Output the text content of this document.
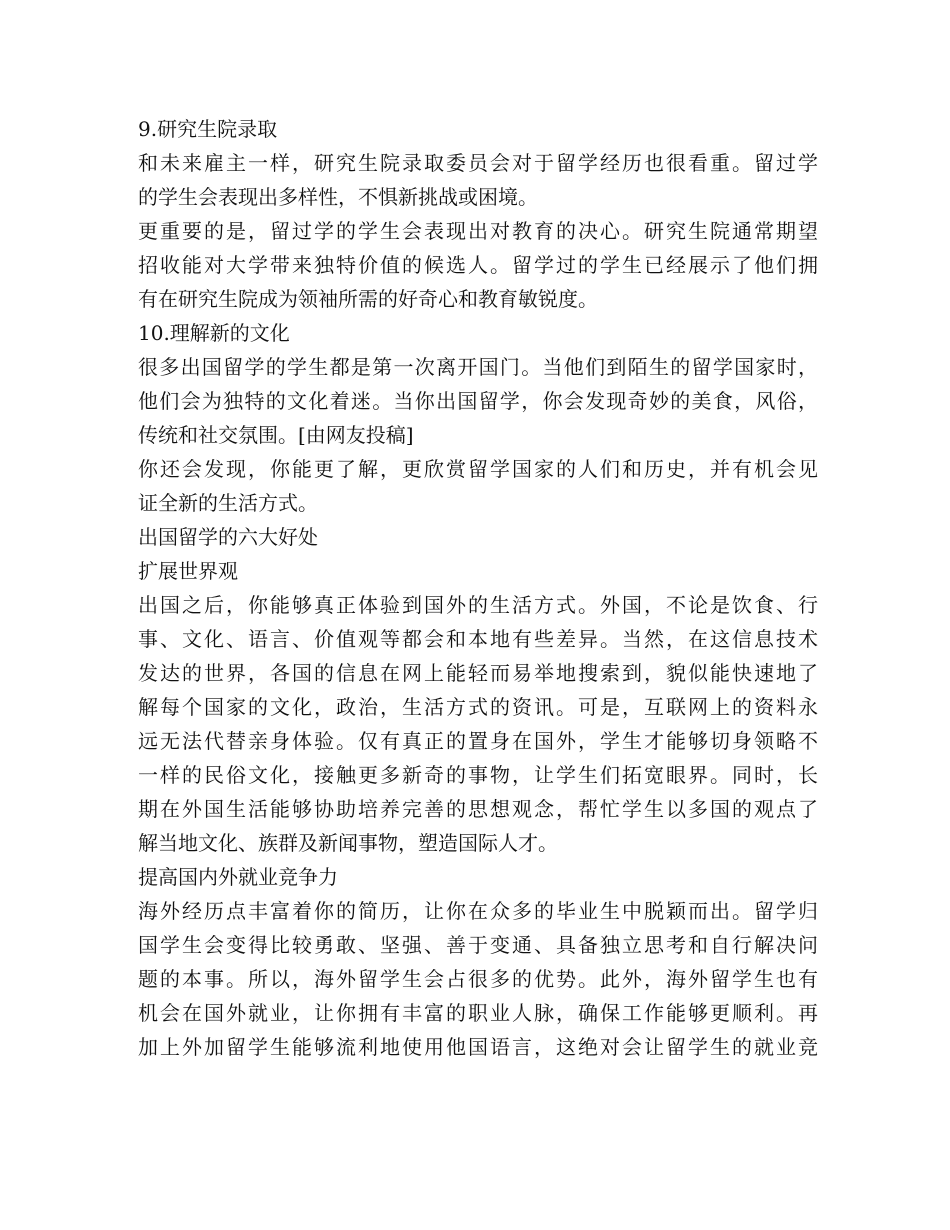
9.研究生院录取
和未来雇主一样，研究生院录取委员会对于留学经历也很看重。留过学
的学生会表现出多样性，不惧新挑战或困境。
更重要的是，留过学的学生会表现出对教育的决心。研究生院通常期望
招收能对大学带来独特价值的候选人。留学过的学生已经展示了他们拥
有在研究生院成为领袖所需的好奇心和教育敏锐度。
10.理解新的文化
很多出国留学的学生都是第一次离开国门。当他们到陌生的留学国家时，
他们会为独特的文化着迷。当你出国留学，你会发现奇妙的美食，风俗，
传统和社交氛围。[由网友投稿]
你还会发现，你能更了解，更欣赏留学国家的人们和历史，并有机会见
证全新的生活方式。
出国留学的六大好处
扩展世界观
出国之后，你能够真正体验到国外的生活方式。外国，不论是饮食、行
事、文化、语言、价值观等都会和本地有些差异。当然，在这信息技术
发达的世界，各国的信息在网上能轻而易举地搜索到，貌似能快速地了
解每个国家的文化，政治，生活方式的资讯。可是，互联网上的资料永
远无法代替亲身体验。仅有真正的置身在国外，学生才能够切身领略不
一样的民俗文化，接触更多新奇的事物，让学生们拓宽眼界。同时，长
期在外国生活能够协助培养完善的思想观念，帮忙学生以多国的观点了
解当地文化、族群及新闻事物，塑造国际人才。
提高国内外就业竞争力
海外经历点丰富着你的简历，让你在众多的毕业生中脱颖而出。留学归
国学生会变得比较勇敢、坚强、善于变通、具备独立思考和自行解决问
题的本事。所以，海外留学生会占很多的优势。此外，海外留学生也有
机会在国外就业，让你拥有丰富的职业人脉，确保工作能够更顺利。再
加上外加留学生能够流利地使用他国语言，这绝对会让留学生的就业竞
